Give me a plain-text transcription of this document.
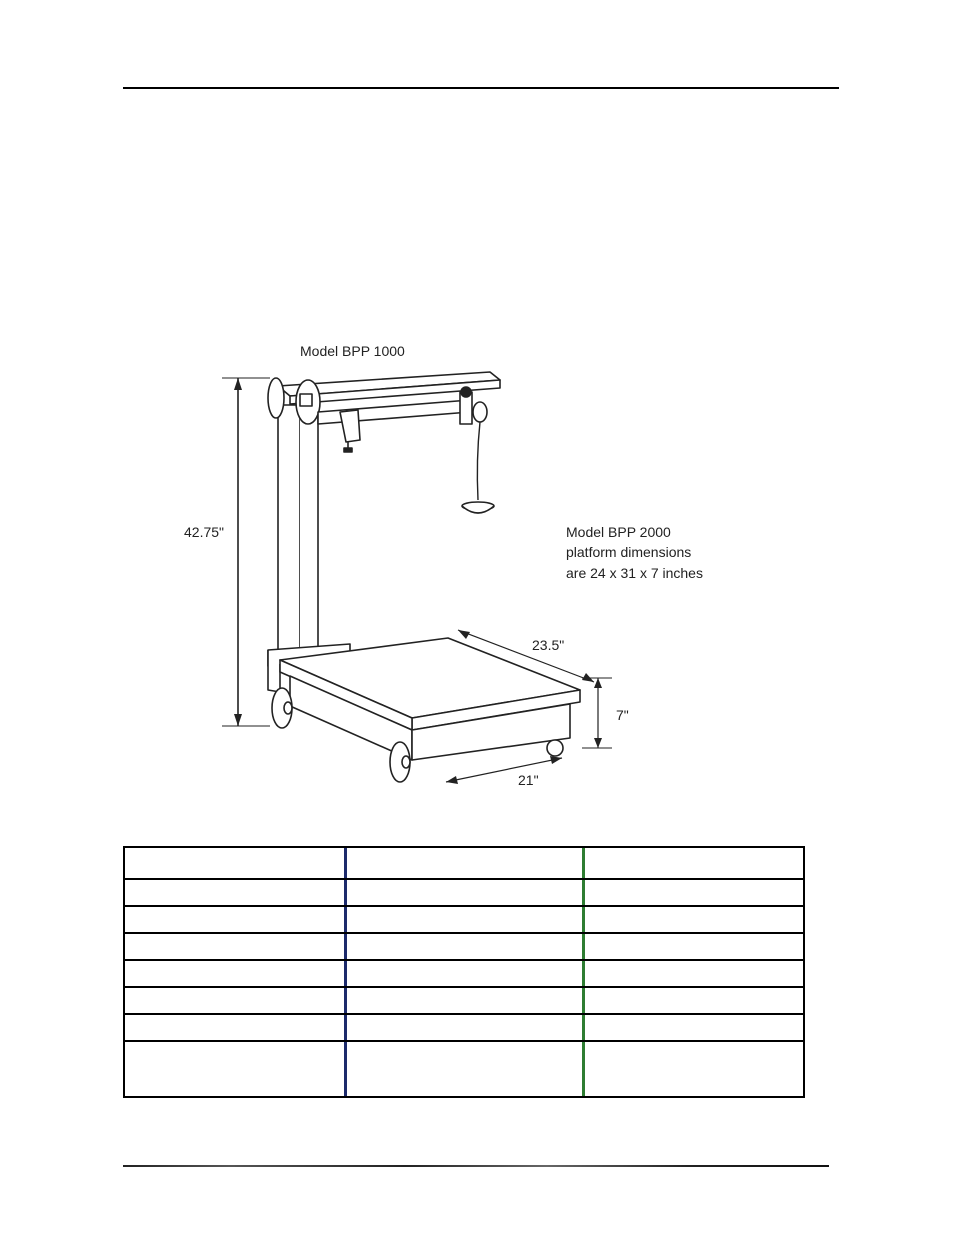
Model BPP 1000
Model BPP 2000
platform dimensions
are 24 x 31 x 7 inches
42.75"
23.5"
7"
21"
